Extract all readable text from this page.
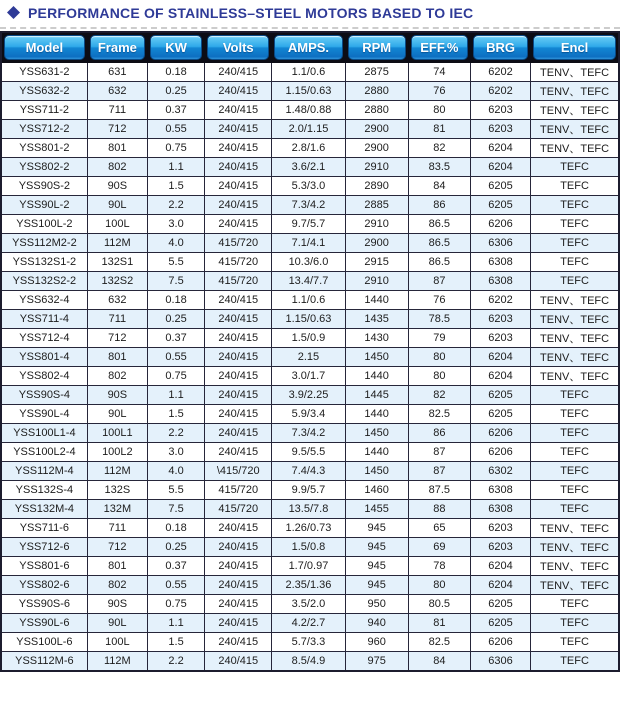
PERFORMANCE OF STAINLESS–STEEL MOTORS BASED TO IEC
Model	Frame	KW	Volts	AMPS.	RPM	EFF.%	BRG	Encl

YSS631-2	631	0.18	240/415	1.1/0.6	2875	74	6202	TENV、TEFC
YSS632-2	632	0.25	240/415	1.15/0.63	2880	76	6202	TENV、TEFC
YSS711-2	711	0.37	240/415	1.48/0.88	2880	80	6203	TENV、TEFC
YSS712-2	712	0.55	240/415	2.0/1.15	2900	81	6203	TENV、TEFC
YSS801-2	801	0.75	240/415	2.8/1.6	2900	82	6204	TENV、TEFC
YSS802-2	802	1.1	240/415	3.6/2.1	2910	83.5	6204	TEFC
YSS90S-2	90S	1.5	240/415	5.3/3.0	2890	84	6205	TEFC
YSS90L-2	90L	2.2	240/415	7.3/4.2	2885	86	6205	TEFC
YSS100L-2	100L	3.0	240/415	9.7/5.7	2910	86.5	6206	TEFC
YSS112M2-2	112M	4.0	415/720	7.1/4.1	2900	86.5	6306	TEFC
YSS132S1-2	132S1	5.5	415/720	10.3/6.0	2915	86.5	6308	TEFC
YSS132S2-2	132S2	7.5	415/720	13.4/7.7	2910	87	6308	TEFC
YSS632-4	632	0.18	240/415	1.1/0.6	1440	76	6202	TENV、TEFC
YSS711-4	711	0.25	240/415	1.15/0.63	1435	78.5	6203	TENV、TEFC
YSS712-4	712	0.37	240/415	1.5/0.9	1430	79	6203	TENV、TEFC
YSS801-4	801	0.55	240/415	2.15	1450	80	6204	TENV、TEFC
YSS802-4	802	0.75	240/415	3.0/1.7	1440	80	6204	TENV、TEFC
YSS90S-4	90S	1.1	240/415	3.9/2.25	1445	82	6205	TEFC
YSS90L-4	90L	1.5	240/415	5.9/3.4	1440	82.5	6205	TEFC
YSS100L1-4	100L1	2.2	240/415	7.3/4.2	1450	86	6206	TEFC
YSS100L2-4	100L2	3.0	240/415	9.5/5.5	1440	87	6206	TEFC
YSS112M-4	112M	4.0	\415/720	7.4/4.3	1450	87	6302	TEFC
YSS132S-4	132S	5.5	415/720	9.9/5.7	1460	87.5	6308	TEFC
YSS132M-4	132M	7.5	415/720	13.5/7.8	1455	88	6308	TEFC
YSS711-6	711	0.18	240/415	1.26/0.73	945	65	6203	TENV、TEFC
YSS712-6	712	0.25	240/415	1.5/0.8	945	69	6203	TENV、TEFC
YSS801-6	801	0.37	240/415	1.7/0.97	945	78	6204	TENV、TEFC
YSS802-6	802	0.55	240/415	2.35/1.36	945	80	6204	TENV、TEFC
YSS90S-6	90S	0.75	240/415	3.5/2.0	950	80.5	6205	TEFC
YSS90L-6	90L	1.1	240/415	4.2/2.7	940	81	6205	TEFC
YSS100L-6	100L	1.5	240/415	5.7/3.3	960	82.5	6206	TEFC
YSS112M-6	112M	2.2	240/415	8.5/4.9	975	84	6306	TEFC
